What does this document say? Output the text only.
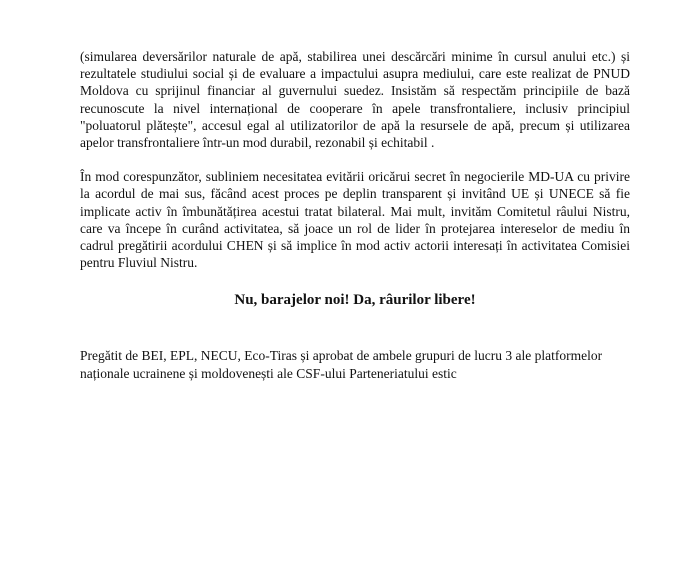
(simularea deversărilor naturale de apă, stabilirea unei descărcări minime în cursul anului etc.) și rezultatele studiului social și de evaluare a impactului asupra mediului, care este realizat de PNUD Moldova cu sprijinul financiar al guvernului suedez. Insistăm să respectăm principiile de bază recunoscute la nivel internațional de cooperare în apele transfrontaliere, inclusiv principiul "poluatorul plătește", accesul egal al utilizatorilor de apă la resursele de apă, precum și utilizarea apelor transfrontaliere într-un mod durabil, rezonabil și echitabil .

În mod corespunzător, subliniem necesitatea evitării oricărui secret în negocierile MD-UA cu privire la acordul de mai sus, făcând acest proces pe deplin transparent și invitând UE și UNECE să fie implicate activ în îmbunătățirea acestui tratat bilateral. Mai mult, invităm Comitetul râului Nistru, care va începe în curând activitatea, să joace un rol de lider în protejarea intereselor de mediu în cadrul pregătirii acordului CHEN și să implice în mod activ actorii interesați în activitatea Comisiei pentru Fluviul Nistru.

Nu, barajelor noi! Da, râurilor libere!

Pregătit de BEI, EPL, NECU, Eco-Tiras și aprobat de ambele grupuri de lucru 3 ale platformelor naționale ucrainene și moldovenești ale CSF-ului Parteneriatului estic
